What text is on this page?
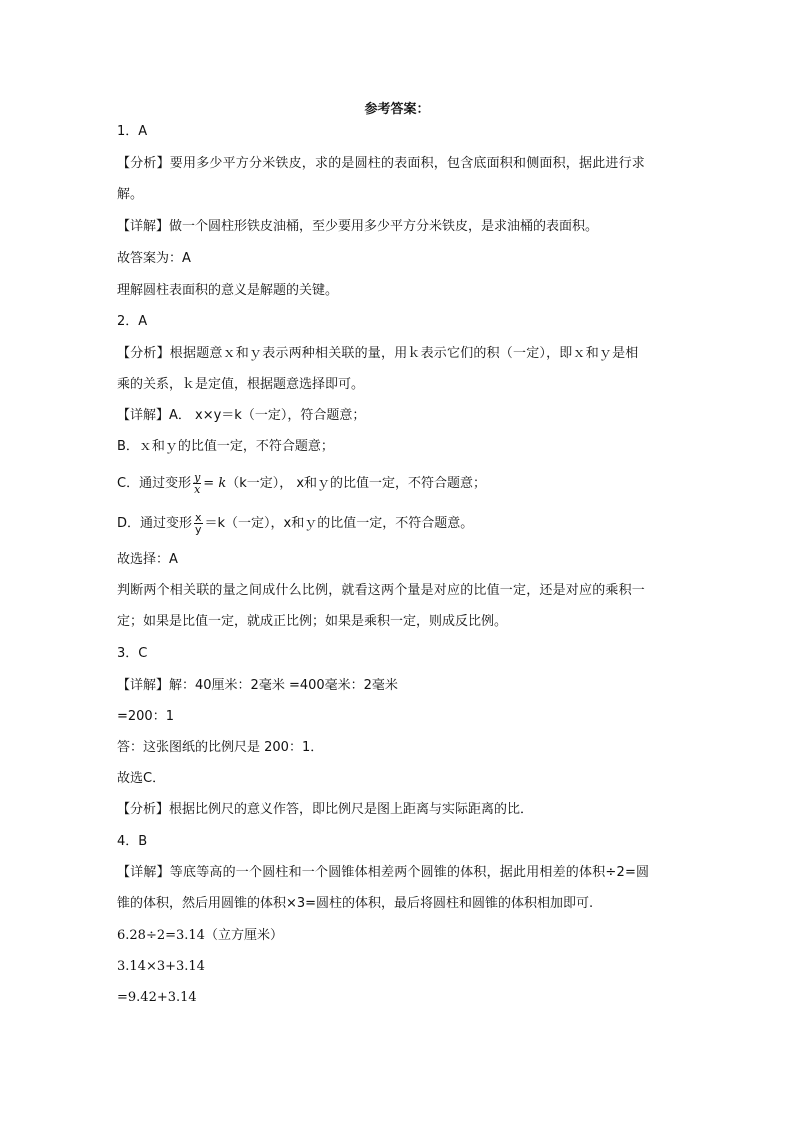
参考答案：
1．A
【分析】要用多少平方分米铁皮，求的是圆柱的表面积，包含底面积和侧面积，据此进行求
解。
【详解】做一个圆柱形铁皮油桶，至少要用多少平方分米铁皮，是求油桶的表面积。
故答案为：A
理解圆柱表面积的意义是解题的关键。
2．A
【分析】根据题意ｘ和ｙ表示两种相关联的量，用ｋ表示它们的积（一定），即ｘ和ｙ是相
乘的关系，ｋ是定值，根据题意选择即可。
【详解】A． x×y＝k（一定），符合题意；
B．ｘ和ｙ的比值一定，不符合题意；
C．通过变形 $\frac{y}{x} = k(k$一定）， x和ｙ的比值一定，不符合题意；
D．通过变形 $\frac{x}{y} =k$（一定），x和ｙ的比值一定，不符合题意。
故选择：A
判断两个相关联的量之间成什么比例，就看这两个量是对应的比值一定，还是对应的乘积一
定；如果是比值一定，就成正比例；如果是乘积一定，则成反比例。
3．C
【详解】解：40厘米：2毫米 =400毫米：2毫米
=200：1
答：这张图纸的比例尺是 200：1．
故选C．
【分析】根据比例尺的意义作答，即比例尺是图上距离与实际距离的比．
4．B
【详解】等底等高的一个圆柱和一个圆锥体相差两个圆锥的体积，据此用相差的体积÷2=圆
锥的体积，然后用圆锥的体积×3=圆柱的体积，最后将圆柱和圆锥的体积相加即可.
6.28÷2=3.14（立方厘米）
3.14×3+3.14
=9.42+3.14
